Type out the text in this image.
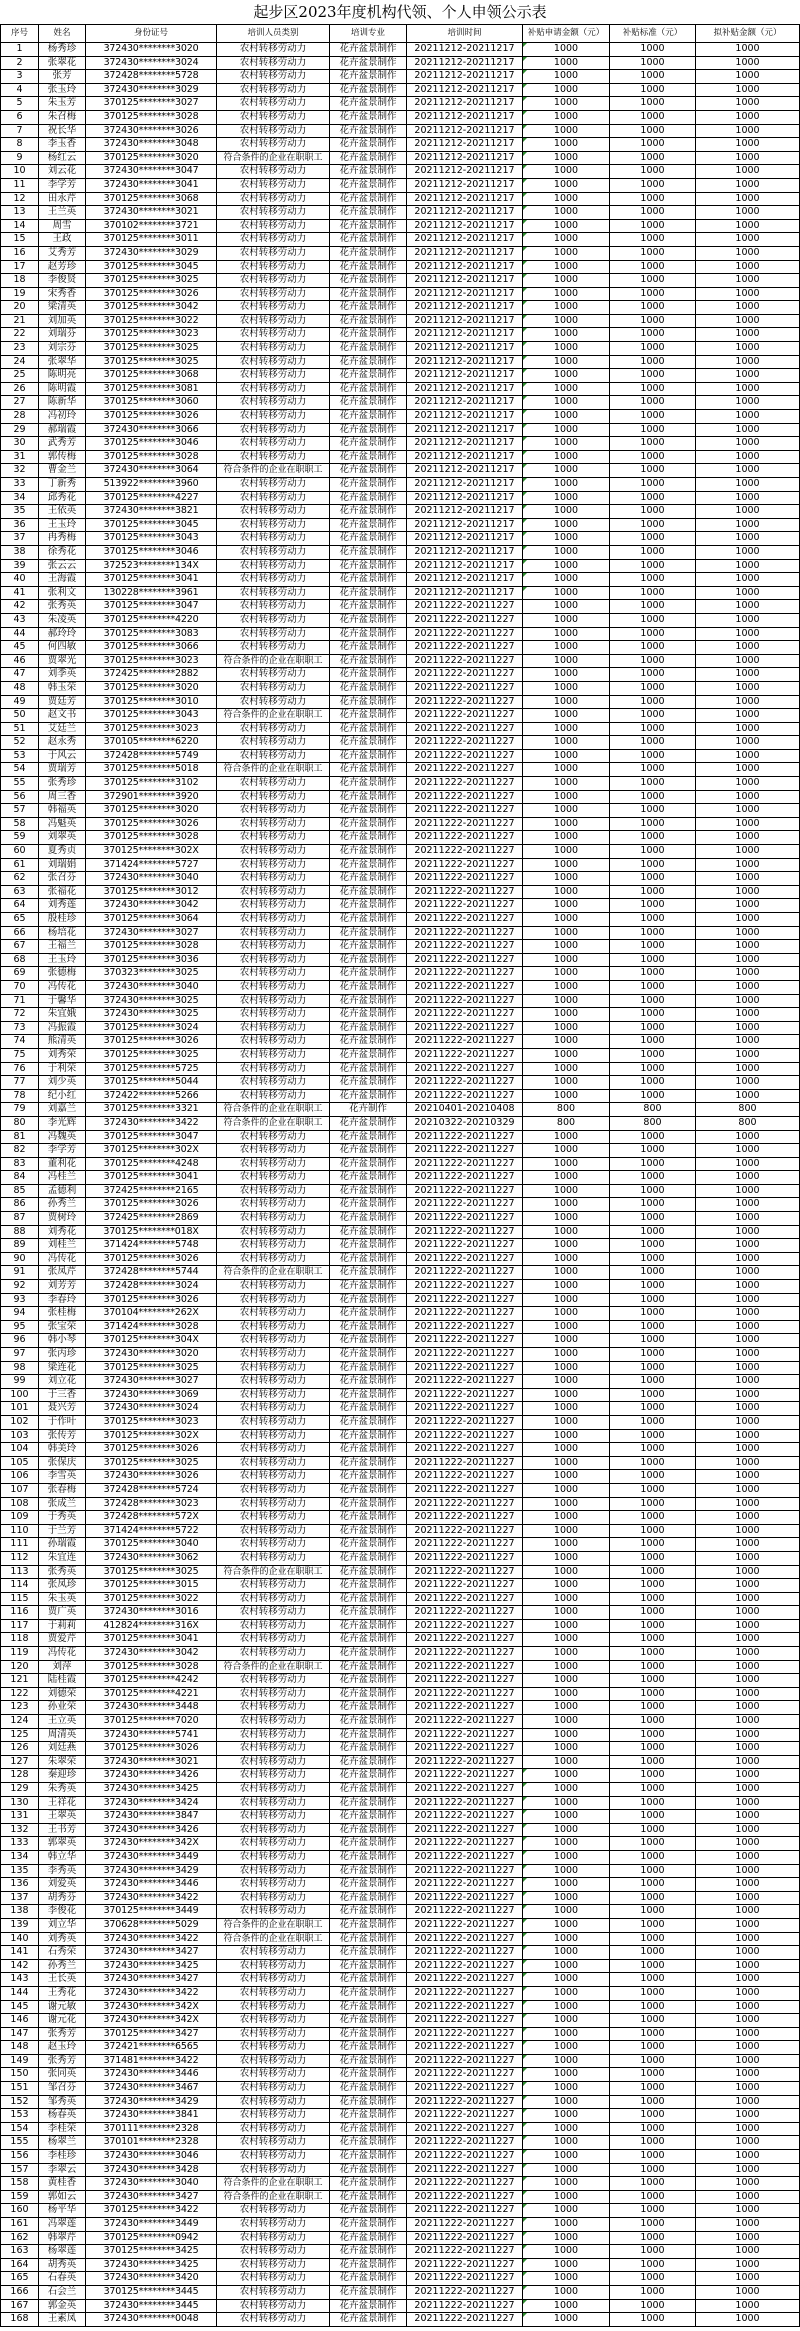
起步区2023年度机构代领、个人申领公示表
序号	姓名	身份证号	培训人员类别	培训专业	培训时间	补贴申请金额（元）	补贴标准（元）	拟补贴金额（元）
1	杨秀珍	372430********3020	农村转移劳动力	花卉盆景制作	20211212-20211217	1000	1000	1000
2	张翠花	372430********3024	农村转移劳动力	花卉盆景制作	20211212-20211217	1000	1000	1000
3	张芳	372428********5728	农村转移劳动力	花卉盆景制作	20211212-20211217	1000	1000	1000
4	张玉玲	372430********3029	农村转移劳动力	花卉盆景制作	20211212-20211217	1000	1000	1000
5	朱玉芳	370125********3027	农村转移劳动力	花卉盆景制作	20211212-20211217	1000	1000	1000
6	朱召梅	370125********3028	农村转移劳动力	花卉盆景制作	20211212-20211217	1000	1000	1000
7	祝长华	372430********3026	农村转移劳动力	花卉盆景制作	20211212-20211217	1000	1000	1000
8	李玉香	372430********3048	农村转移劳动力	花卉盆景制作	20211212-20211217	1000	1000	1000
9	杨红云	370125********3020	符合条件的企业在职职工	花卉盆景制作	20211212-20211217	1000	1000	1000
10	刘云花	372430********3047	农村转移劳动力	花卉盆景制作	20211212-20211217	1000	1000	1000
11	李学芳	372430********3041	农村转移劳动力	花卉盆景制作	20211212-20211217	1000	1000	1000
12	田永芹	370125********3068	农村转移劳动力	花卉盆景制作	20211212-20211217	1000	1000	1000
13	王兰英	372430********3021	农村转移劳动力	花卉盆景制作	20211212-20211217	1000	1000	1000
14	周雪	370102********3721	农村转移劳动力	花卉盆景制作	20211212-20211217	1000	1000	1000
15	王政	370125********3011	农村转移劳动力	花卉盆景制作	20211212-20211217	1000	1000	1000
16	艾秀芳	372430********3029	农村转移劳动力	花卉盆景制作	20211212-20211217	1000	1000	1000
17	赵芳珍	370125********3045	农村转移劳动力	花卉盆景制作	20211212-20211217	1000	1000	1000
18	李俊贤	370125********3025	农村转移劳动力	花卉盆景制作	20211212-20211217	1000	1000	1000
19	宋秀香	370125********3026	农村转移劳动力	花卉盆景制作	20211212-20211217	1000	1000	1000
20	梁清英	370125********3042	农村转移劳动力	花卉盆景制作	20211212-20211217	1000	1000	1000
21	刘加英	370125********3022	农村转移劳动力	花卉盆景制作	20211212-20211217	1000	1000	1000
22	刘瑞芬	370125********3023	农村转移劳动力	花卉盆景制作	20211212-20211217	1000	1000	1000
23	刘宗芬	370125********3025	农村转移劳动力	花卉盆景制作	20211212-20211217	1000	1000	1000
24	张翠华	370125********3025	农村转移劳动力	花卉盆景制作	20211212-20211217	1000	1000	1000
25	陈明亮	370125********3068	农村转移劳动力	花卉盆景制作	20211212-20211217	1000	1000	1000
26	陈明霞	370125********3081	农村转移劳动力	花卉盆景制作	20211212-20211217	1000	1000	1000
27	陈新华	370125********3060	农村转移劳动力	花卉盆景制作	20211212-20211217	1000	1000	1000
28	冯初玲	370125********3026	农村转移劳动力	花卉盆景制作	20211212-20211217	1000	1000	1000
29	郝瑞霞	372430********3066	农村转移劳动力	花卉盆景制作	20211212-20211217	1000	1000	1000
30	武秀芳	370125********3046	农村转移劳动力	花卉盆景制作	20211212-20211217	1000	1000	1000
31	郭传梅	370125********3028	农村转移劳动力	花卉盆景制作	20211212-20211217	1000	1000	1000
32	曹金兰	372430********3064	符合条件的企业在职职工	花卉盆景制作	20211212-20211217	1000	1000	1000
33	丁新秀	513922********3960	农村转移劳动力	花卉盆景制作	20211212-20211217	1000	1000	1000
34	邱秀花	370125********4227	农村转移劳动力	花卉盆景制作	20211212-20211217	1000	1000	1000
35	王依英	372430********3821	农村转移劳动力	花卉盆景制作	20211212-20211217	1000	1000	1000
36	王玉玲	370125********3045	农村转移劳动力	花卉盆景制作	20211212-20211217	1000	1000	1000
37	冉秀梅	370125********3043	农村转移劳动力	花卉盆景制作	20211212-20211217	1000	1000	1000
38	徐秀花	370125********3046	农村转移劳动力	花卉盆景制作	20211212-20211217	1000	1000	1000
39	张云云	372523********134X	农村转移劳动力	花卉盆景制作	20211212-20211217	1000	1000	1000
40	王海霞	370125********3041	农村转移劳动力	花卉盆景制作	20211212-20211217	1000	1000	1000
41	张利文	130228********3961	农村转移劳动力	花卉盆景制作	20211212-20211217	1000	1000	1000
42	张秀英	370125********3047	农村转移劳动力	花卉盆景制作	20211222-20211227	1000	1000	1000
43	朱凌英	370125********4220	农村转移劳动力	花卉盆景制作	20211222-20211227	1000	1000	1000
44	郝玲玲	370125********3083	农村转移劳动力	花卉盆景制作	20211222-20211227	1000	1000	1000
45	何四敏	370125********3066	农村转移劳动力	花卉盆景制作	20211222-20211227	1000	1000	1000
46	贾翠光	370125********3023	符合条件的企业在职职工	花卉盆景制作	20211222-20211227	1000	1000	1000
47	刘季英	372425********2882	农村转移劳动力	花卉盆景制作	20211222-20211227	1000	1000	1000
48	韩玉荣	370125********3020	农村转移劳动力	花卉盆景制作	20211222-20211227	1000	1000	1000
49	贾廷芳	370125********3010	农村转移劳动力	花卉盆景制作	20211222-20211227	1000	1000	1000
50	赵文书	370125********3043	符合条件的企业在职职工	花卉盆景制作	20211222-20211227	1000	1000	1000
51	艾廷兰	370125********3023	农村转移劳动力	花卉盆景制作	20211222-20211227	1000	1000	1000
52	赵永秀	370105********6220	农村转移劳动力	花卉盆景制作	20211222-20211227	1000	1000	1000
53	于风云	372428********5749	农村转移劳动力	花卉盆景制作	20211222-20211227	1000	1000	1000
54	贾瑞芳	370125********5018	符合条件的企业在职职工	花卉盆景制作	20211222-20211227	1000	1000	1000
55	张秀珍	370125********3102	农村转移劳动力	花卉盆景制作	20211222-20211227	1000	1000	1000
56	周三香	372901********3920	农村转移劳动力	花卉盆景制作	20211222-20211227	1000	1000	1000
57	韩福英	370125********3020	农村转移劳动力	花卉盆景制作	20211222-20211227	1000	1000	1000
58	冯魁英	370125********3026	农村转移劳动力	花卉盆景制作	20211222-20211227	1000	1000	1000
59	刘翠英	370125********3028	农村转移劳动力	花卉盆景制作	20211222-20211227	1000	1000	1000
60	夏秀贞	370125********302X	农村转移劳动力	花卉盆景制作	20211222-20211227	1000	1000	1000
61	刘瑞娟	371424********5727	农村转移劳动力	花卉盆景制作	20211222-20211227	1000	1000	1000
62	张召芬	372430********3040	农村转移劳动力	花卉盆景制作	20211222-20211227	1000	1000	1000
63	张福花	370125********3012	农村转移劳动力	花卉盆景制作	20211222-20211227	1000	1000	1000
64	刘秀莲	372430********3042	农村转移劳动力	花卉盆景制作	20211222-20211227	1000	1000	1000
65	殷桂珍	370125********3064	农村转移劳动力	花卉盆景制作	20211222-20211227	1000	1000	1000
66	杨培花	372430********3027	农村转移劳动力	花卉盆景制作	20211222-20211227	1000	1000	1000
67	王福兰	370125********3028	农村转移劳动力	花卉盆景制作	20211222-20211227	1000	1000	1000
68	王玉玲	370125********3036	农村转移劳动力	花卉盆景制作	20211222-20211227	1000	1000	1000
69	张德梅	370323********3025	农村转移劳动力	花卉盆景制作	20211222-20211227	1000	1000	1000
70	冯传花	372430********3040	农村转移劳动力	花卉盆景制作	20211222-20211227	1000	1000	1000
71	于馨华	372430********3025	农村转移劳动力	花卉盆景制作	20211222-20211227	1000	1000	1000
72	朱宜娥	372430********3025	农村转移劳动力	花卉盆景制作	20211222-20211227	1000	1000	1000
73	冯振霞	370125********3024	农村转移劳动力	花卉盆景制作	20211222-20211227	1000	1000	1000
74	熊清英	370125********3026	农村转移劳动力	花卉盆景制作	20211222-20211227	1000	1000	1000
75	刘秀荣	370125********3025	农村转移劳动力	花卉盆景制作	20211222-20211227	1000	1000	1000
76	于利荣	370125********5725	农村转移劳动力	花卉盆景制作	20211222-20211227	1000	1000	1000
77	刘少英	370125********5044	农村转移劳动力	花卉盆景制作	20211222-20211227	1000	1000	1000
78	纪小红	372422********5266	农村转移劳动力	花卉盆景制作	20211222-20211227	1000	1000	1000
79	刘嘉兰	370125********3321	符合条件的企业在职职工	花卉制作	20210401-20210408	800	800	800
80	李光辉	372430********3422	符合条件的企业在职职工	花卉盆景制作	20210322-20210329	800	800	800
81	冯魏英	370125********3047	农村转移劳动力	花卉盆景制作	20211222-20211227	1000	1000	1000
82	李学芳	370125********302X	农村转移劳动力	花卉盆景制作	20211222-20211227	1000	1000	1000
83	董利花	370125********4248	农村转移劳动力	花卉盆景制作	20211222-20211227	1000	1000	1000
84	冯桂兰	370125********3041	农村转移劳动力	花卉盆景制作	20211222-20211227	1000	1000	1000
85	孟德利	372425********2165	农村转移劳动力	花卉盆景制作	20211222-20211227	1000	1000	1000
86	孙秀兰	370125********3026	农村转移劳动力	花卉盆景制作	20211222-20211227	1000	1000	1000
87	贾树玲	372425********2869	农村转移劳动力	花卉盆景制作	20211222-20211227	1000	1000	1000
88	刘秀花	370125********018X	农村转移劳动力	花卉盆景制作	20211222-20211227	1000	1000	1000
89	刘桂兰	371424********5748	农村转移劳动力	花卉盆景制作	20211222-20211227	1000	1000	1000
90	冯传花	370125********3026	农村转移劳动力	花卉盆景制作	20211222-20211227	1000	1000	1000
91	张凤芹	372428********5744	符合条件的企业在职职工	花卉盆景制作	20211222-20211227	1000	1000	1000
92	刘芳芳	372428********3024	农村转移劳动力	花卉盆景制作	20211222-20211227	1000	1000	1000
93	李春玲	370125********3026	农村转移劳动力	花卉盆景制作	20211222-20211227	1000	1000	1000
94	张桂梅	370104********262X	农村转移劳动力	花卉盆景制作	20211222-20211227	1000	1000	1000
95	张宝荣	371424********3028	农村转移劳动力	花卉盆景制作	20211222-20211227	1000	1000	1000
96	韩小琴	370125********304X	农村转移劳动力	花卉盆景制作	20211222-20211227	1000	1000	1000
97	张丙珍	372430********3020	农村转移劳动力	花卉盆景制作	20211222-20211227	1000	1000	1000
98	梁连花	370125********3025	农村转移劳动力	花卉盆景制作	20211222-20211227	1000	1000	1000
99	刘立花	372430********3027	农村转移劳动力	花卉盆景制作	20211222-20211227	1000	1000	1000
100	于三香	372430********3069	农村转移劳动力	花卉盆景制作	20211222-20211227	1000	1000	1000
101	聂兴芳	372430********3024	农村转移劳动力	花卉盆景制作	20211222-20211227	1000	1000	1000
102	于作叶	370125********3023	农村转移劳动力	花卉盆景制作	20211222-20211227	1000	1000	1000
103	张传芳	370125********302X	农村转移劳动力	花卉盆景制作	20211222-20211227	1000	1000	1000
104	韩美玲	370125********3026	农村转移劳动力	花卉盆景制作	20211222-20211227	1000	1000	1000
105	张保庆	370125********3025	农村转移劳动力	花卉盆景制作	20211222-20211227	1000	1000	1000
106	李雪英	372430********3026	农村转移劳动力	花卉盆景制作	20211222-20211227	1000	1000	1000
107	张春梅	372428********5724	农村转移劳动力	花卉盆景制作	20211222-20211227	1000	1000	1000
108	张成兰	372428********3023	农村转移劳动力	花卉盆景制作	20211222-20211227	1000	1000	1000
109	于秀英	372428********572X	农村转移劳动力	花卉盆景制作	20211222-20211227	1000	1000	1000
110	于兰芳	371424********5722	农村转移劳动力	花卉盆景制作	20211222-20211227	1000	1000	1000
111	孙瑞霞	370125********3040	农村转移劳动力	花卉盆景制作	20211222-20211227	1000	1000	1000
112	朱宜连	372430********3062	农村转移劳动力	花卉盆景制作	20211222-20211227	1000	1000	1000
113	张秀英	370125********3025	符合条件的企业在职职工	花卉盆景制作	20211222-20211227	1000	1000	1000
114	张凤珍	370125********3015	农村转移劳动力	花卉盆景制作	20211222-20211227	1000	1000	1000
115	朱玉英	370125********3022	农村转移劳动力	花卉盆景制作	20211222-20211227	1000	1000	1000
116	贾广英	372430********3016	农村转移劳动力	花卉盆景制作	20211222-20211227	1000	1000	1000
117	于莉莉	412824********316X	农村转移劳动力	花卉盆景制作	20211222-20211227	1000	1000	1000
118	贾爱芹	370125********3041	农村转移劳动力	花卉盆景制作	20211222-20211227	1000	1000	1000
119	冯传花	372430********3042	农村转移劳动力	花卉盆景制作	20211222-20211227	1000	1000	1000
120	刘萍	370125********3028	符合条件的企业在职职工	花卉盆景制作	20211222-20211227	1000	1000	1000
121	陆桂霞	370125********4242	农村转移劳动力	花卉盆景制作	20211222-20211227	1000	1000	1000
122	刘德荣	370125********4221	农村转移劳动力	花卉盆景制作	20211222-20211227	1000	1000	1000
123	孙业荣	372430********3448	农村转移劳动力	花卉盆景制作	20211222-20211227	1000	1000	1000
124	王立英	370125********7020	农村转移劳动力	花卉盆景制作	20211222-20211227	1000	1000	1000
125	周清英	372430********5741	农村转移劳动力	花卉盆景制作	20211222-20211227	1000	1000	1000
126	刘廷燕	370125********3026	农村转移劳动力	花卉盆景制作	20211222-20211227	1000	1000	1000
127	朱翠荣	372430********3021	农村转移劳动力	花卉盆景制作	20211222-20211227	1000	1000	1000
128	秦迎珍	372430********3426	农村转移劳动力	花卉盆景制作	20211222-20211227	1000	1000	1000
129	朱秀英	372430********3425	农村转移劳动力	花卉盆景制作	20211222-20211227	1000	1000	1000
130	王祥花	372430********3424	农村转移劳动力	花卉盆景制作	20211222-20211227	1000	1000	1000
131	王翠英	372430********3847	农村转移劳动力	花卉盆景制作	20211222-20211227	1000	1000	1000
132	王书芳	372430********3426	农村转移劳动力	花卉盆景制作	20211222-20211227	1000	1000	1000
133	郭翠英	372430********342X	农村转移劳动力	花卉盆景制作	20211222-20211227	1000	1000	1000
134	韩立华	372430********3449	农村转移劳动力	花卉盆景制作	20211222-20211227	1000	1000	1000
135	李秀英	372430********3429	农村转移劳动力	花卉盆景制作	20211222-20211227	1000	1000	1000
136	刘爱英	372430********3446	农村转移劳动力	花卉盆景制作	20211222-20211227	1000	1000	1000
137	胡秀芬	372430********3422	农村转移劳动力	花卉盆景制作	20211222-20211227	1000	1000	1000
138	李俊花	370125********3449	农村转移劳动力	花卉盆景制作	20211222-20211227	1000	1000	1000
139	刘立华	370628********5029	符合条件的企业在职职工	花卉盆景制作	20211222-20211227	1000	1000	1000
140	刘秀英	372430********3422	符合条件的企业在职职工	花卉盆景制作	20211222-20211227	1000	1000	1000
141	石秀荣	372430********3427	农村转移劳动力	花卉盆景制作	20211222-20211227	1000	1000	1000
142	孙秀兰	372430********3425	农村转移劳动力	花卉盆景制作	20211222-20211227	1000	1000	1000
143	王长英	372430********3427	农村转移劳动力	花卉盆景制作	20211222-20211227	1000	1000	1000
144	王秀花	372430********3422	农村转移劳动力	花卉盆景制作	20211222-20211227	1000	1000	1000
145	谢元敏	372430********342X	农村转移劳动力	花卉盆景制作	20211222-20211227	1000	1000	1000
146	谢元花	372430********342X	农村转移劳动力	花卉盆景制作	20211222-20211227	1000	1000	1000
147	张秀芳	370125********3427	农村转移劳动力	花卉盆景制作	20211222-20211227	1000	1000	1000
148	赵玉玲	372421********6565	农村转移劳动力	花卉盆景制作	20211222-20211227	1000	1000	1000
149	张秀芳	371481********3422	农村转移劳动力	花卉盆景制作	20211222-20211227	1000	1000	1000
150	张同英	372430********3446	农村转移劳动力	花卉盆景制作	20211222-20211227	1000	1000	1000
151	邹召芬	372430********3467	农村转移劳动力	花卉盆景制作	20211222-20211227	1000	1000	1000
152	邹秀英	372430********3429	农村转移劳动力	花卉盆景制作	20211222-20211227	1000	1000	1000
153	杨春英	372430********3841	农村转移劳动力	花卉盆景制作	20211222-20211227	1000	1000	1000
154	李桂荣	370111********2328	农村转移劳动力	花卉盆景制作	20211222-20211227	1000	1000	1000
155	杨翠兰	370101********2328	农村转移劳动力	花卉盆景制作	20211222-20211227	1000	1000	1000
156	李桂珍	372430********3046	农村转移劳动力	花卉盆景制作	20211222-20211227	1000	1000	1000
157	李翠云	372430********3428	农村转移劳动力	花卉盆景制作	20211222-20211227	1000	1000	1000
158	黄桂香	372430********3040	符合条件的企业在职职工	花卉盆景制作	20211222-20211227	1000	1000	1000
159	郭如云	372430********3427	符合条件的企业在职职工	花卉盆景制作	20211222-20211227	1000	1000	1000
160	杨平华	370125********3422	农村转移劳动力	花卉盆景制作	20211222-20211227	1000	1000	1000
161	冯翠莲	372430********3449	农村转移劳动力	花卉盆景制作	20211222-20211227	1000	1000	1000
162	韩翠芹	370125********0942	农村转移劳动力	花卉盆景制作	20211222-20211227	1000	1000	1000
163	杨翠莲	370125********3425	农村转移劳动力	花卉盆景制作	20211222-20211227	1000	1000	1000
164	胡秀英	372430********3425	农村转移劳动力	花卉盆景制作	20211222-20211227	1000	1000	1000
165	石春英	372430********3420	农村转移劳动力	花卉盆景制作	20211222-20211227	1000	1000	1000
166	石会兰	370125********3445	农村转移劳动力	花卉盆景制作	20211222-20211227	1000	1000	1000
167	郭金英	372430********3445	农村转移劳动力	花卉盆景制作	20211222-20211227	1000	1000	1000
168	王素凤	372430********0048	农村转移劳动力	花卉盆景制作	20211222-20211227	1000	1000	1000
